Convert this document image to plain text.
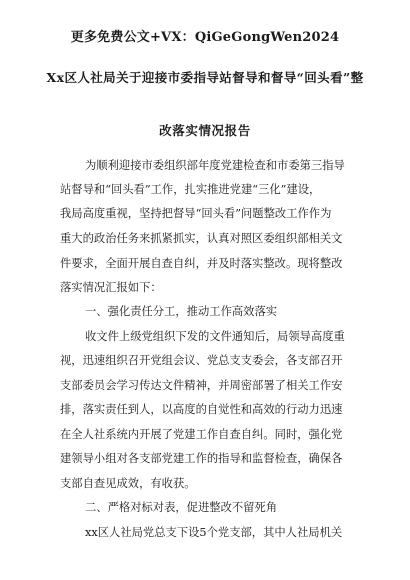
更多免费公文+VX：QiGeGongWen2024
Xx区人社局关于迎接市委指导站督导和督导“回头看”整
改落实情况报告
为顺利迎接市委组织部年度党建检查和市委第三指导
站督导和“回头看”工作，扎实推进党建“三化”建设，
我局高度重视，坚持把督导“回头看”问题整改工作作为
重大的政治任务来抓紧抓实，认真对照区委组织部相关文
件要求，全面开展自查自纠，并及时落实整改。现将整改
落实情况汇报如下：
一、强化责任分工，推动工作高效落实
收文件上级党组织下发的文件通知后，局领导高度重
视，迅速组织召开党组会议、党总支支委会，各支部召开
支部委员会学习传达文件精神，并周密部署了相关工作安
排，落实责任到人，以高度的自觉性和高效的行动力迅速
在全人社系统内开展了党建工作自查自纠。同时，强化党
建领导小组对各支部党建工作的指导和监督检查，确保各
支部自查见成效，有收获。
二、严格对标对表，促进整改不留死角
xx区人社局党总支下设5个党支部，其中人社局机关
